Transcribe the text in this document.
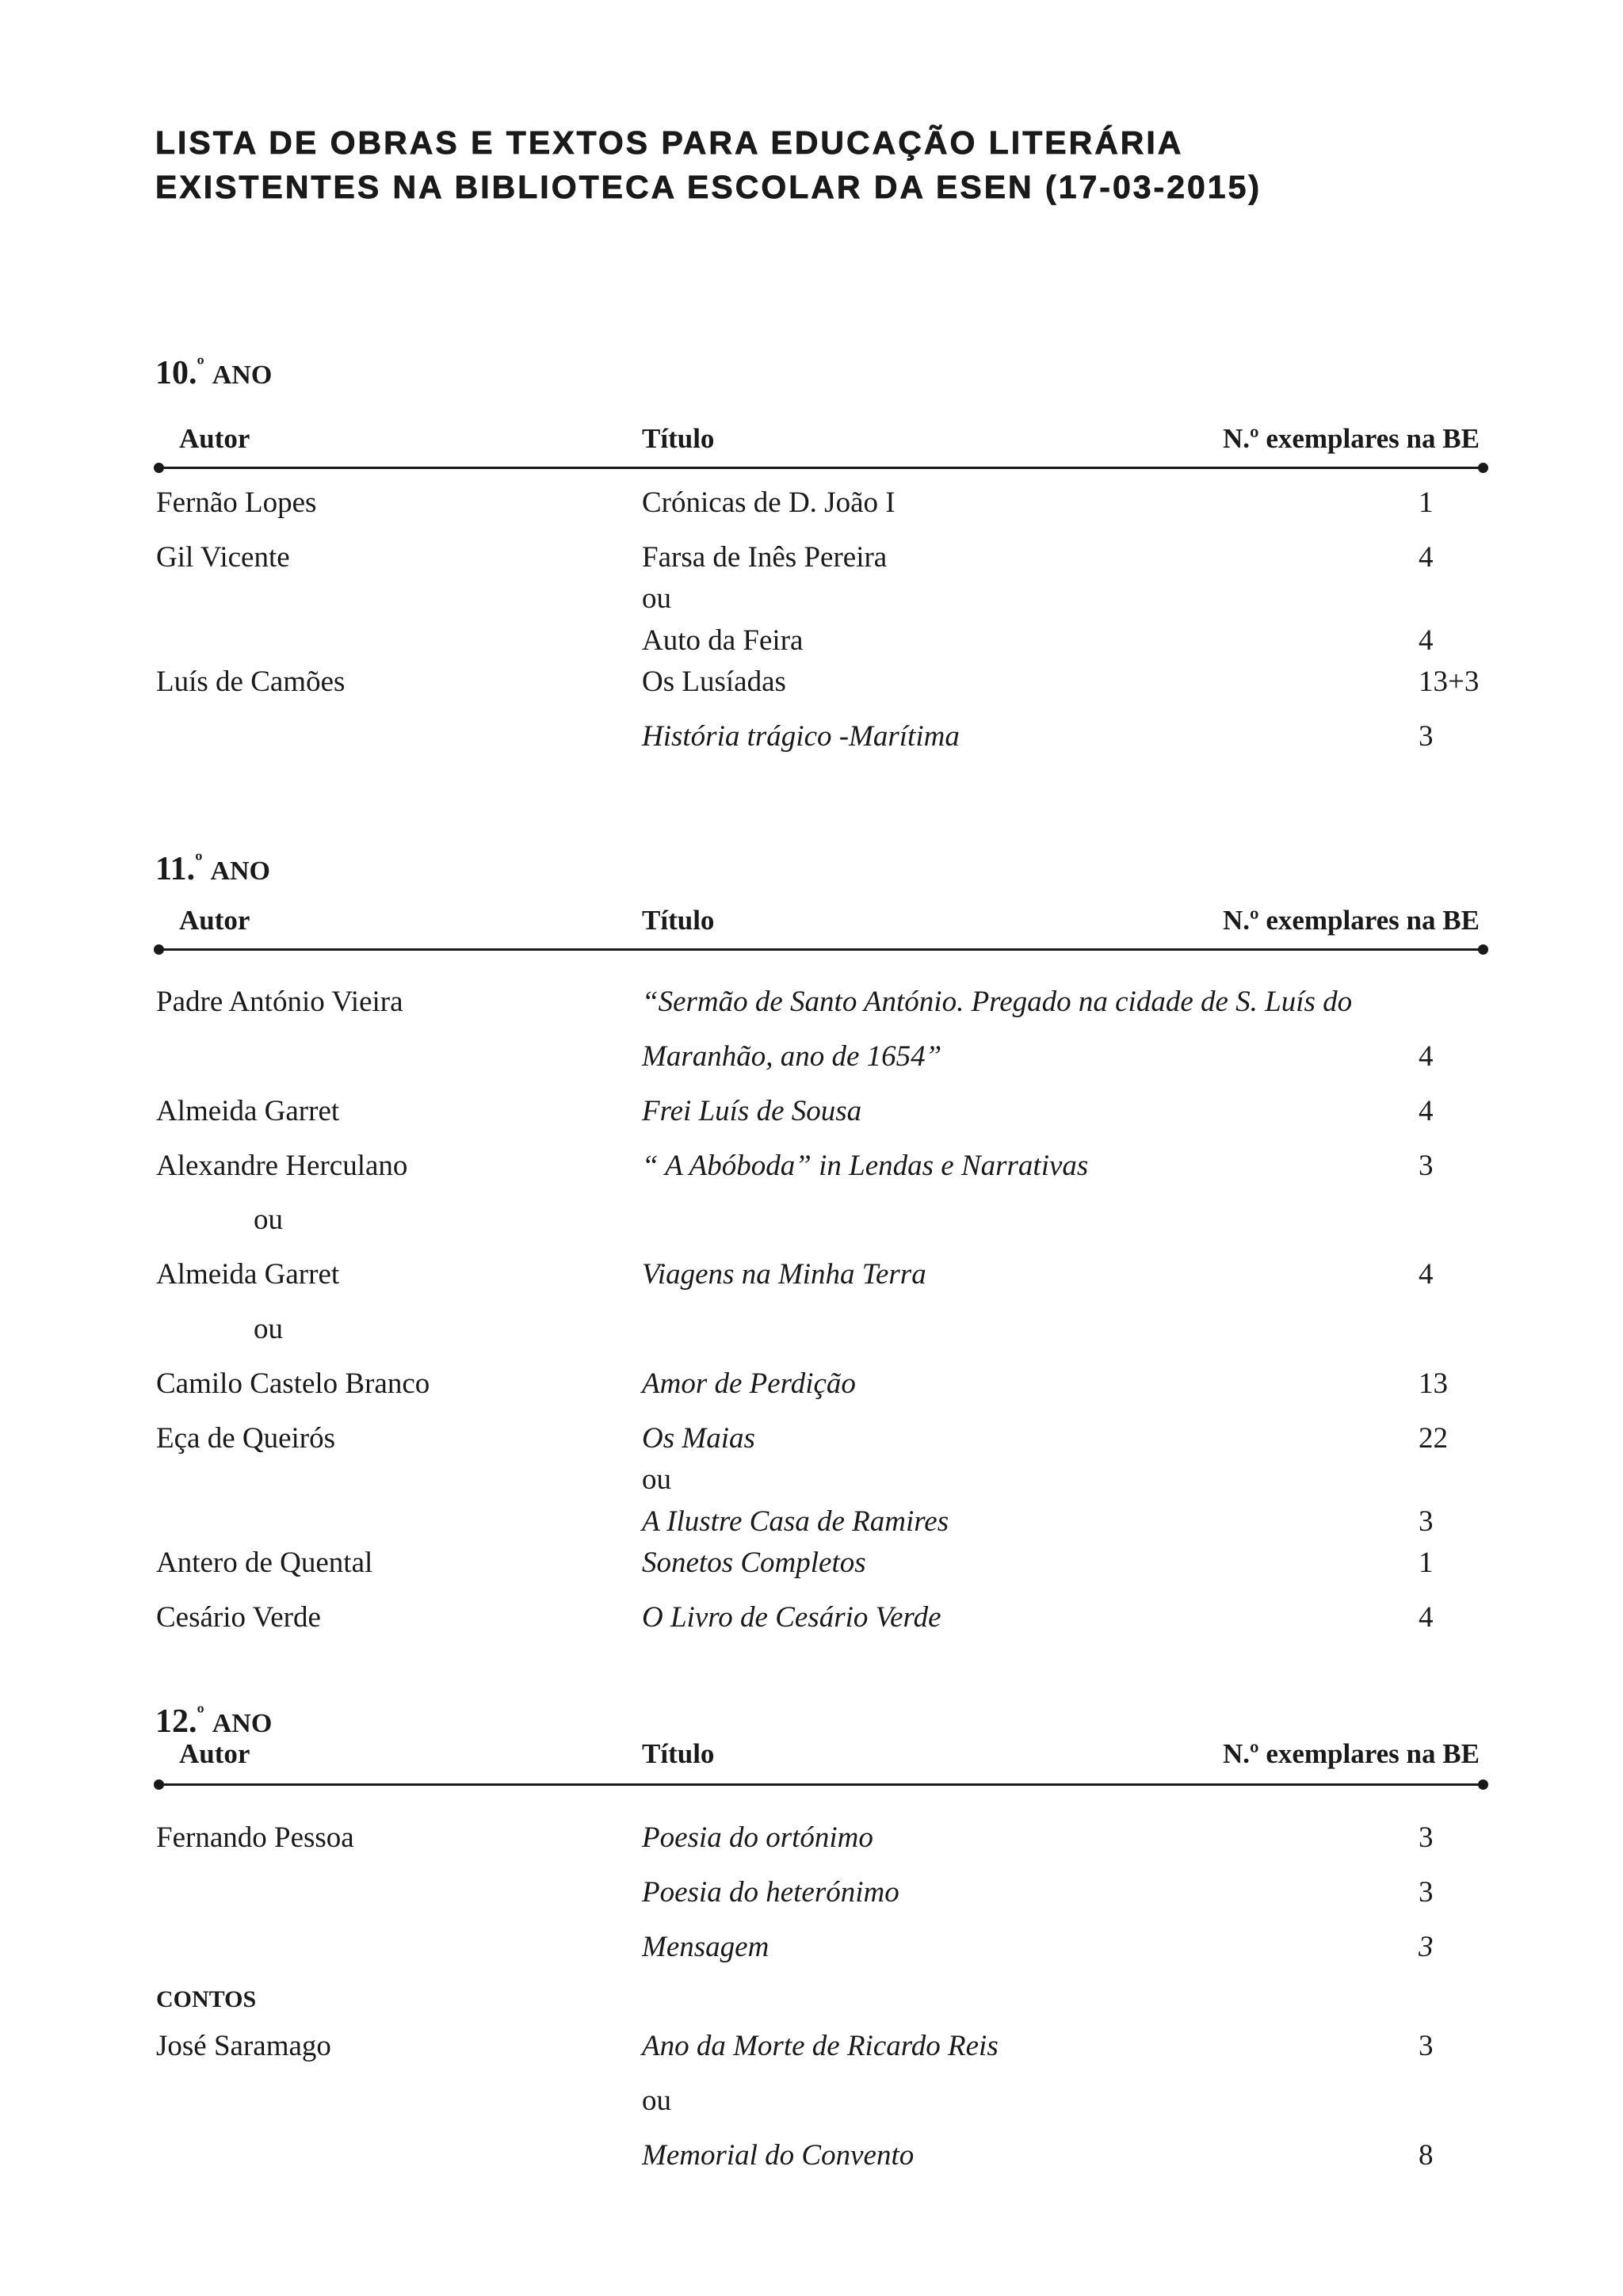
LISTA DE OBRAS E TEXTOS PARA EDUCAÇÃO LITERÁRIA
EXISTENTES NA BIBLIOTECA ESCOLAR DA ESEN (17-03-2015)
10.$^º$ ANO
Autor	Título	N.º exemplares na BE
Fernão Lopes	Crónicas de D. João I	1
Gil Vicente	Farsa de Inês Pereira	4
ou
Auto da Feira	4
Luís de Camões	Os Lusíadas	13+3
História trágico -Marítima	3
11.$^º$ ANO
Autor	Título	N.º exemplares na BE
Padre António Vieira	“Sermão de Santo António. Pregado na cidade de S. Luís do
Maranhão, ano de 1654”	4
Almeida Garret	Frei Luís de Sousa	4
Alexandre Herculano	“ A Abóboda” in Lendas e Narrativas	3
ou
Almeida Garret	Viagens na Minha Terra	4
ou
Camilo Castelo Branco	Amor de Perdição	13
Eça de Queirós	Os Maias	22
ou
A Ilustre Casa de Ramires	3
Antero de Quental	Sonetos Completos	1
Cesário Verde	O Livro de Cesário Verde	4
12.$^º$ ANO
Autor	Título	N.º exemplares na BE
Fernando Pessoa	Poesia do ortónimo	3
Poesia do heterónimo	3
Mensagem	3
CONTOS
José Saramago	Ano da Morte de Ricardo Reis	3
ou
Memorial do Convento	8
